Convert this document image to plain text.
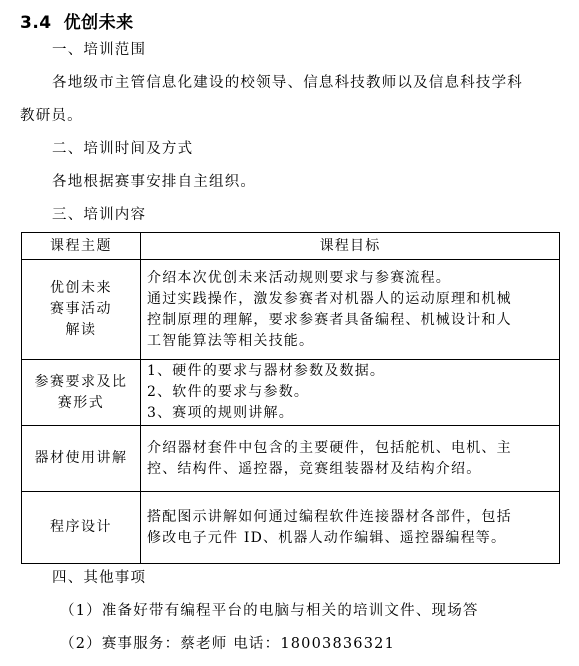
3.4 优创未来
一、培训范围
各地级市主管信息化建设的校领导、信息科技教师以及信息科技学科
教研员。
二、培训时间及方式
各地根据赛事安排自主组织。
三、培训内容
课程主题	课程目标

优创未来
赛事活动
解读	介绍本次优创未来活动规则要求与参赛流程。
通过实践操作，激发参赛者对机器人的运动原理和机械
控制原理的理解，要求参赛者具备编程、机械设计和人
工智能算法等相关技能。

参赛要求及比
赛形式	1、硬件的要求与器材参数及数据。
2、软件的要求与参数。
3、赛项的规则讲解。

器材使用讲解	介绍器材套件中包含的主要硬件，包括舵机、电机、主
控、结构件、遥控器，竞赛组装器材及结构介绍。

程序设计	搭配图示讲解如何通过编程软件连接器材各部件，包括
修改电子元件 ID、机器人动作编辑、遥控器编程等。
四、其他事项
（1）准备好带有编程平台的电脑与相关的培训文件、现场答
（2）赛事服务：蔡老师 电话：18003836321
